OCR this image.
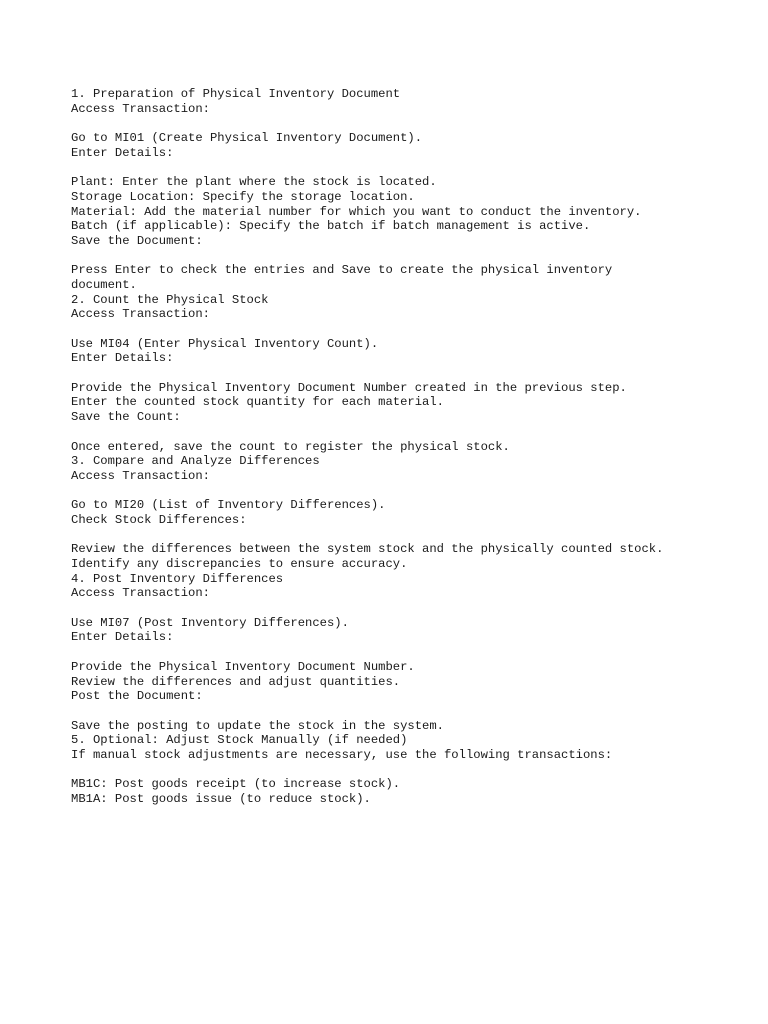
1. Preparation of Physical Inventory Document
Access Transaction:
Go to MI01 (Create Physical Inventory Document).
Enter Details:
Plant: Enter the plant where the stock is located.
Storage Location: Specify the storage location.
Material: Add the material number for which you want to conduct the inventory.
Batch (if applicable): Specify the batch if batch management is active.
Save the Document:
Press Enter to check the entries and Save to create the physical inventory
document.
2. Count the Physical Stock
Access Transaction:
Use MI04 (Enter Physical Inventory Count).
Enter Details:
Provide the Physical Inventory Document Number created in the previous step.
Enter the counted stock quantity for each material.
Save the Count:
Once entered, save the count to register the physical stock.
3. Compare and Analyze Differences
Access Transaction:
Go to MI20 (List of Inventory Differences).
Check Stock Differences:
Review the differences between the system stock and the physically counted stock.
Identify any discrepancies to ensure accuracy.
4. Post Inventory Differences
Access Transaction:
Use MI07 (Post Inventory Differences).
Enter Details:
Provide the Physical Inventory Document Number.
Review the differences and adjust quantities.
Post the Document:
Save the posting to update the stock in the system.
5. Optional: Adjust Stock Manually (if needed)
If manual stock adjustments are necessary, use the following transactions:
MB1C: Post goods receipt (to increase stock).
MB1A: Post goods issue (to reduce stock).
